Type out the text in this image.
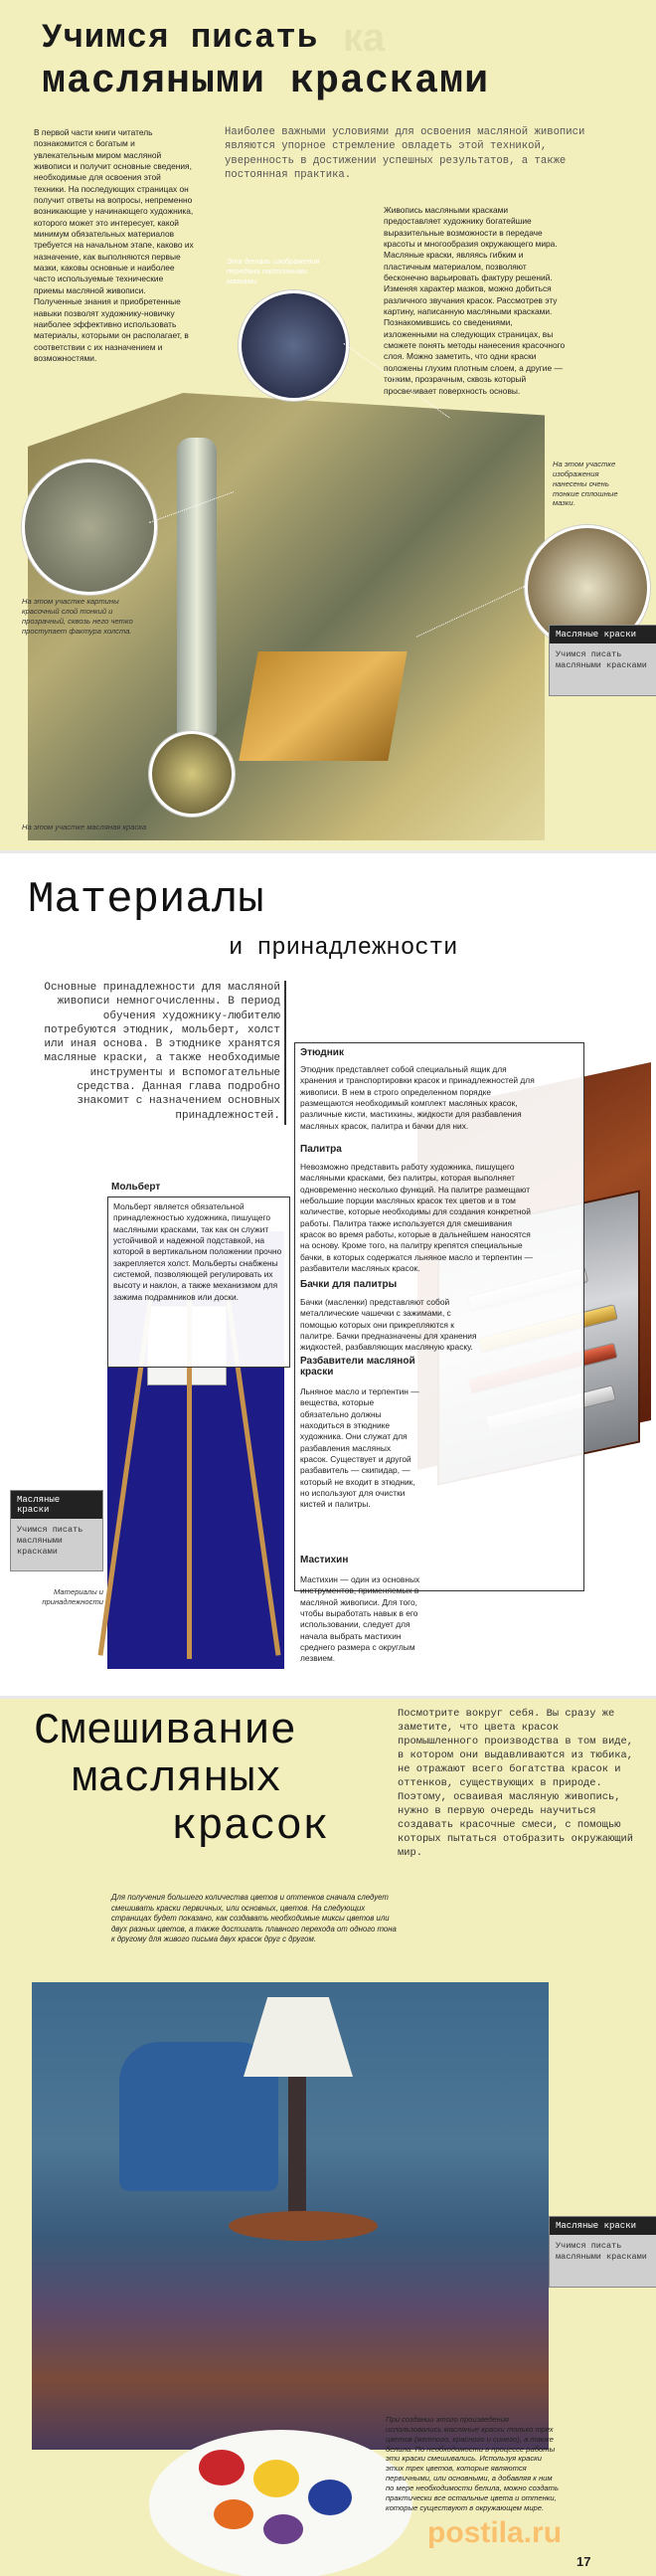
ка
Учимся писать
масляными красками
В первой части книги читатель познакомится с богатым и увлекательным миром масляной живописи и получит основные сведения, необходимые для освоения этой техники. На последующих страницах он получит ответы на вопросы, непременно возникающие у начинающего художника, которого может это интересует, какой минимум обязательных материалов требуется на начальном этапе, каково их назначение, как выполняются первые мазки, каковы основные и наиболее часто используемые технические приемы масляной живописи. Полученные знания и приобретенные навыки позволят художнику-новичку наиболее эффективно использовать материалы, которыми он располагает, в соответствии с их назначением и возможностями.
Наиболее важными условиями для освоения масляной живописи являются упорное стремление овладеть этой техникой, уверенность в достижении успешных результатов, а также постоянная практика.
Живопись масляными красками предоставляет художнику богатейшие выразительные возможности в передаче красоты и многообразия окружающего мира. Масляные краски, являясь гибким и пластичным материалом, позволяют бесконечно варьировать фактуру решений. Изменяя характер мазков, можно добиться различного звучания красок. Рассмотрев эту картину, написанную масляными красками. Познакомившись со сведениями, изложенными на следующих страницах, вы сможете понять методы нанесения красочного слоя. Можно заметить, что одни краски положены глухим плотным слоем, а другие — тонким, прозрачным, сквозь который просвечивает поверхность основы.
Эта деталь изображения передана пастозными мазками.
На этом участке изображения нанесены очень тонкие сплошные мазки.
На этом участке картины красочный слой тонкий и прозрачный, сквозь него четко проступает фактура холста.
На этом участке масляная краска
Масляные краски
Учимся писать масляными красками
Материалы
и принадлежности
Основные принадлежности для масляной живописи немногочисленны. В период обучения художнику-любителю потребуются этюдник, мольберт, холст или иная основа. В этюднике хранятся масляные краски, а также необходимые инструменты и вспомогательные средства. Данная глава подробно знакомит с назначением основных принадлежностей.
Этюдник
Этюдник представляет собой специальный ящик для хранения и транспортировки красок и принадлежностей для живописи. В нем в строго определенном порядке размещаются необходимый комплект масляных красок, различные кисти, мастихины, жидкости для разбавления масляных красок, палитра и бачки для них.
Палитра
Невозможно представить работу художника, пишущего масляными красками, без палитры, которая выполняет одновременно несколько функций. На палитре размещают небольшие порции масляных красок тех цветов и в том количестве, которые необходимы для создания конкретной работы. Палитра также используется для смешивания красок во время работы, которые в дальнейшем наносятся на основу. Кроме того, на палитру крепятся специальные бачки, в которых содержатся льняное масло и терпентин — разбавители масляных красок.
Бачки для палитры
Бачки (масленки) представляют собой металлические чашечки с зажимами, с помощью которых они прикрепляются к палитре. Бачки предназначены для хранения жидкостей, разбавляющих масляную краску.
Разбавители масляной краски
Льняное масло и терпентин — вещества, которые обязательно должны находиться в этюднике художника. Они служат для разбавления масляных красок. Существует и другой разбавитель — скипидар, — который не входит в этюдник, но используют для очистки кистей и палитры.
Мастихин
Мастихин — один из основных инструментов, применяемых в масляной живописи. Для того, чтобы выработать навык в его использовании, следует для начала выбрать мастихин среднего размера с округлым лезвием.
Мольберт
Мольберт является обязательной принадлежностью художника, пишущего масляными красками, так как он служит устойчивой и надежной подставкой, на которой в вертикальном положении прочно закрепляется холст. Мольберты снабжены системой, позволяющей регулировать их высоту и наклон, а также механизмом для зажима подрамников или доски.
Масляные краски
Учимся писать масляными красками
Материалы и принадлежности
Смешивание
масляных
красок
Посмотрите вокруг себя. Вы сразу же заметите, что цвета красок промышленного производства в том виде, в котором они выдавливаются из тюбика, не отражают всего богатства красок и оттенков, существующих в природе. Поэтому, осваивая масляную живопись, нужно в первую очередь научиться создавать красочные смеси, с помощью которых пытаться отобразить окружающий мир.
Для получения большего количества цветов и оттенков сначала следует смешивать краски первичных, или основных, цветов. На следующих страницах будет показано, как создавать необходимые миксы цветов или двух разных цветов, а также достигать плавного перехода от одного тона к другому для живого письма двух красок друг с другом.
При создании этого произведения использовались масляные краски только трех цветов (желтого, красного и синего), а также белила. По необходимости в процессе работы эти краски смешивались. Используя краски этих трех цветов, которые являются первичными, или основными, а добавляя к ним по мере необходимости белила, можно создать практически все остальные цвета и оттенки, которые существуют в окружающем мире.
Масляные краски
Учимся писать масляными красками
postila.ru
17
